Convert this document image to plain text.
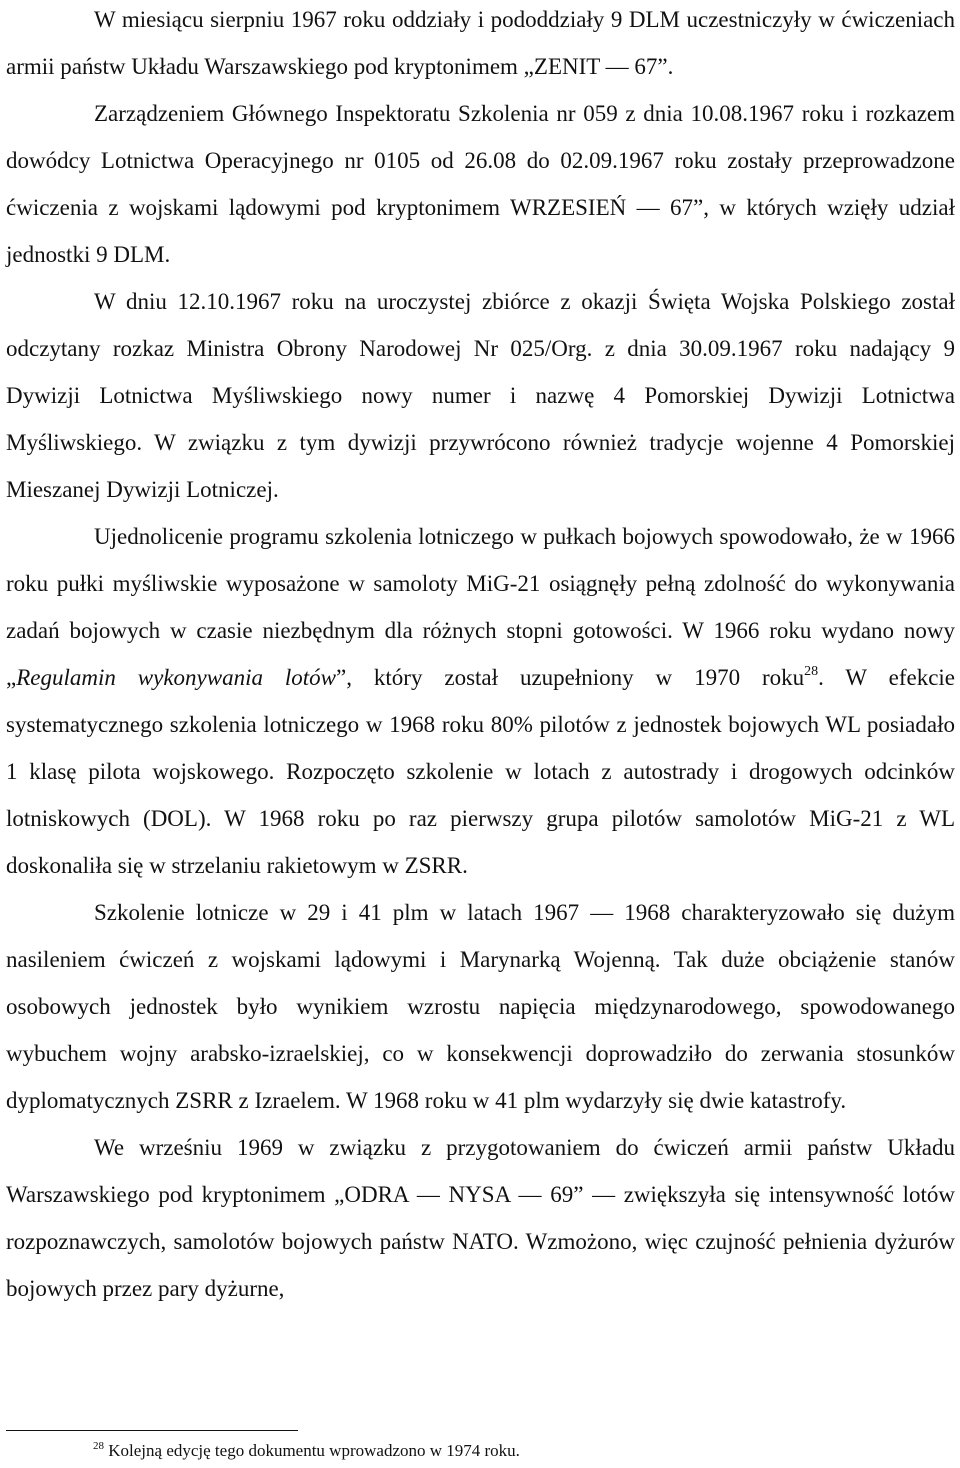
W miesiącu sierpniu 1967 roku oddziały i pododdziały 9 DLM uczestniczyły w ćwiczeniach armii państw Układu Warszawskiego pod kryptonimem „ZENIT — 67”.

Zarządzeniem Głównego Inspektoratu Szkolenia nr 059 z dnia 10.08.1967 roku i rozkazem dowódcy Lotnictwa Operacyjnego nr 0105 od 26.08 do 02.09.1967 roku zostały przeprowadzone ćwiczenia z wojskami lądowymi pod kryptonimem WRZESIEŃ — 67”, w których wzięły udział jednostki 9 DLM.

W dniu 12.10.1967 roku na uroczystej zbiórce z okazji Święta Wojska Polskiego został odczytany rozkaz Ministra Obrony Narodowej Nr 025/Org. z dnia 30.09.1967 roku nadający 9 Dywizji Lotnictwa Myśliwskiego nowy numer i nazwę 4 Pomorskiej Dywizji Lotnictwa Myśliwskiego. W związku z tym dywizji przywrócono również tradycje wojenne 4 Pomorskiej Mieszanej Dywizji Lotniczej.

Ujednolicenie programu szkolenia lotniczego w pułkach bojowych spowodowało, że w 1966 roku pułki myśliwskie wyposażone w samoloty MiG-21 osiągnęły pełną zdolność do wykonywania zadań bojowych w czasie niezbędnym dla różnych stopni gotowości. W 1966 roku wydano nowy „Regulamin wykonywania lotów”, który został uzupełniony w 1970 roku$^{28}$. W efekcie systematycznego szkolenia lotniczego w 1968 roku 80% pilotów z jednostek bojowych WL posiadało 1 klasę pilota wojskowego. Rozpoczęto szkolenie w lotach z autostrady i drogowych odcinków lotniskowych (DOL). W 1968 roku po raz pierwszy grupa pilotów samolotów MiG-21 z WL doskonaliła się w strzelaniu rakietowym w ZSRR.

Szkolenie lotnicze w 29 i 41 plm w latach 1967 — 1968 charakteryzowało się dużym nasileniem ćwiczeń z wojskami lądowymi i Marynarką Wojenną. Tak duże obciążenie stanów osobowych jednostek było wynikiem wzrostu napięcia międzynarodowego, spowodowanego wybuchem wojny arabsko-izraelskiej, co w konsekwencji doprowadziło do zerwania stosunków dyplomatycznych ZSRR z Izraelem. W 1968 roku w 41 plm wydarzyły się dwie katastrofy.

We wrześniu 1969 w związku z przygotowaniem do ćwiczeń armii państw Układu Warszawskiego pod kryptonimem „ODRA — NYSA — 69” — zwiększyła się intensywność lotów rozpoznawczych, samolotów bojowych państw NATO. Wzmożono, więc czujność pełnienia dyżurów bojowych przez pary dyżurne,

$^{28}$ Kolejną edycję tego dokumentu wprowadzono w 1974 roku.
